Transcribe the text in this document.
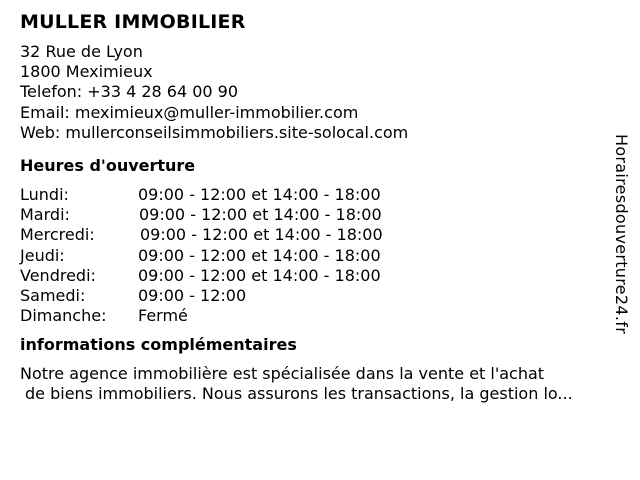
MULLER IMMOBILIER
32 Rue de Lyon
1800 Meximieux
Telefon: +33 4 28 64 00 90
Email: meximieux@muller-immobilier.com
Web: mullerconseilsimmobiliers.site-solocal.com
Heures d'ouverture
Lundi:	09:00 - 12:00 et 14:00 - 18:00
Mardi:	09:00 - 12:00 et 14:00 - 18:00
Mercredi:	09:00 - 12:00 et 14:00 - 18:00
Jeudi:	09:00 - 12:00 et 14:00 - 18:00
Vendredi:	09:00 - 12:00 et 14:00 - 18:00
Samedi:	09:00 - 12:00
Dimanche:	Fermé
informations complémentaires
Notre agence immobilière est spécialisée dans la vente et l'achat
de biens immobiliers. Nous assurons les transactions, la gestion lo...
Horairesdouverture24.fr
